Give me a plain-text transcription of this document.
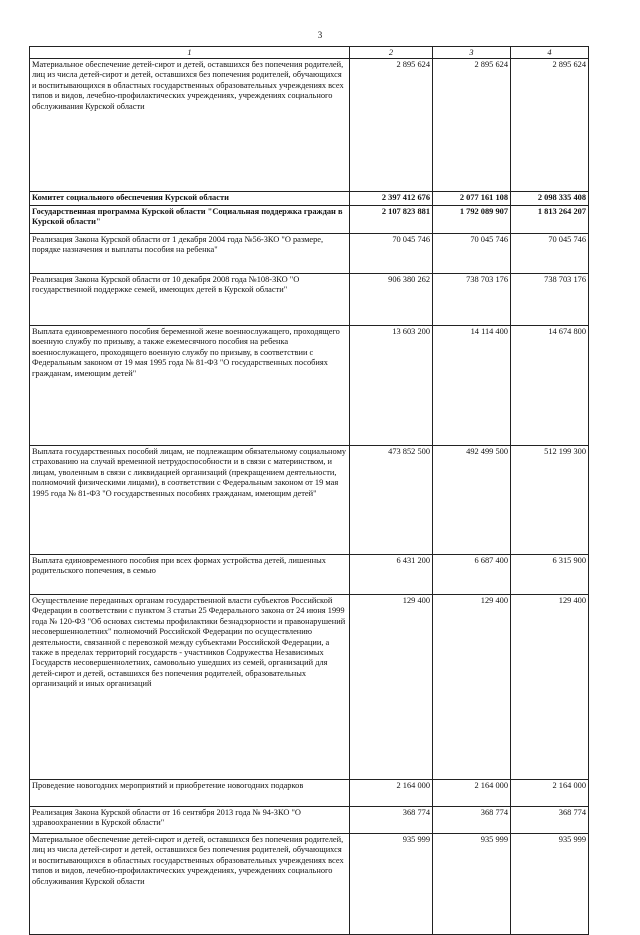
3
1	2	3	4
Материальное обеспечение детей-сирот и детей, оставшихся без попечения родителей, лиц из числа детей-сирот и детей, оставшихся без попечения родителей, обучающихся и воспитывающихся в областных государственных образовательных учреждениях всех типов и видов, лечебно-профилактических учреждениях, учреждениях социального обслуживания Курской области	2 895 624	2 895 624	2 895 624
Комитет социального обеспечения Курской области	2 397 412 676	2 077 161 108	2 098 335 408
Государственная программа Курской области "Социальная поддержка граждан в Курской области"	2 107 823 881	1 792 089 907	1 813 264 207
Реализация Закона Курской области от 1 декабря 2004 года №56-ЗКО "О размере, порядке назначения и выплаты пособия на ребенка"	70 045 746	70 045 746	70 045 746
Реализация Закона Курской области от 10 декабря 2008 года №108-ЗКО "О государственной поддержке семей, имеющих детей в Курской области"	906 380 262	738 703 176	738 703 176
Выплата единовременного пособия беременной жене военнослужащего, проходящего военную службу по призыву, а также ежемесячного пособия на ребенка военнослужащего, проходящего военную службу по призыву, в соответствии с Федеральным законом от 19 мая 1995 года № 81-ФЗ "О государственных пособиях гражданам, имеющим детей"	13 603 200	14 114 400	14 674 800
Выплата государственных пособий лицам, не подлежащим обязательному социальному страхованию на случай временной нетрудоспособности и в связи с материнством, и лицам, уволенным в связи с ликвидацией организаций (прекращением деятельности, полномочий физическими лицами), в соответствии с Федеральным законом от 19 мая 1995 года № 81-ФЗ "О государственных пособиях гражданам, имеющим детей"	473 852 500	492 499 500	512 199 300
Выплата единовременного пособия при всех формах устройства детей, лишенных родительского попечения, в семью	6 431 200	6 687 400	6 315 900
Осуществление переданных органам государственной власти субъектов Российской Федерации в соответствии с пунктом 3 статьи 25 Федерального закона от 24 июня 1999 года № 120-ФЗ "Об основах системы профилактики безнадзорности и правонарушений несовершеннолетних" полномочий Российской Федерации по осуществлению деятельности, связанной с перевозкой между субъектами Российской Федерации, а также в пределах территорий государств - участников Содружества Независимых Государств несовершеннолетних, самовольно ушедших из семей, организаций для детей-сирот и детей, оставшихся без попечения родителей, образовательных организаций и иных организаций	129 400	129 400	129 400
Проведение новогодних мероприятий и приобретение новогодних подарков	2 164 000	2 164 000	2 164 000
Реализация Закона Курской области от 16 сентября 2013 года № 94-ЗКО "О здравоохранении в Курской области"	368 774	368 774	368 774
Материальное обеспечение детей-сирот и детей, оставшихся без попечения родителей, лиц из числа детей-сирот и детей, оставшихся без попечения родителей, обучающихся и воспитывающихся в областных государственных образовательных учреждениях всех типов и видов, лечебно-профилактических учреждениях, учреждениях социального обслуживания Курской области	935 999	935 999	935 999
